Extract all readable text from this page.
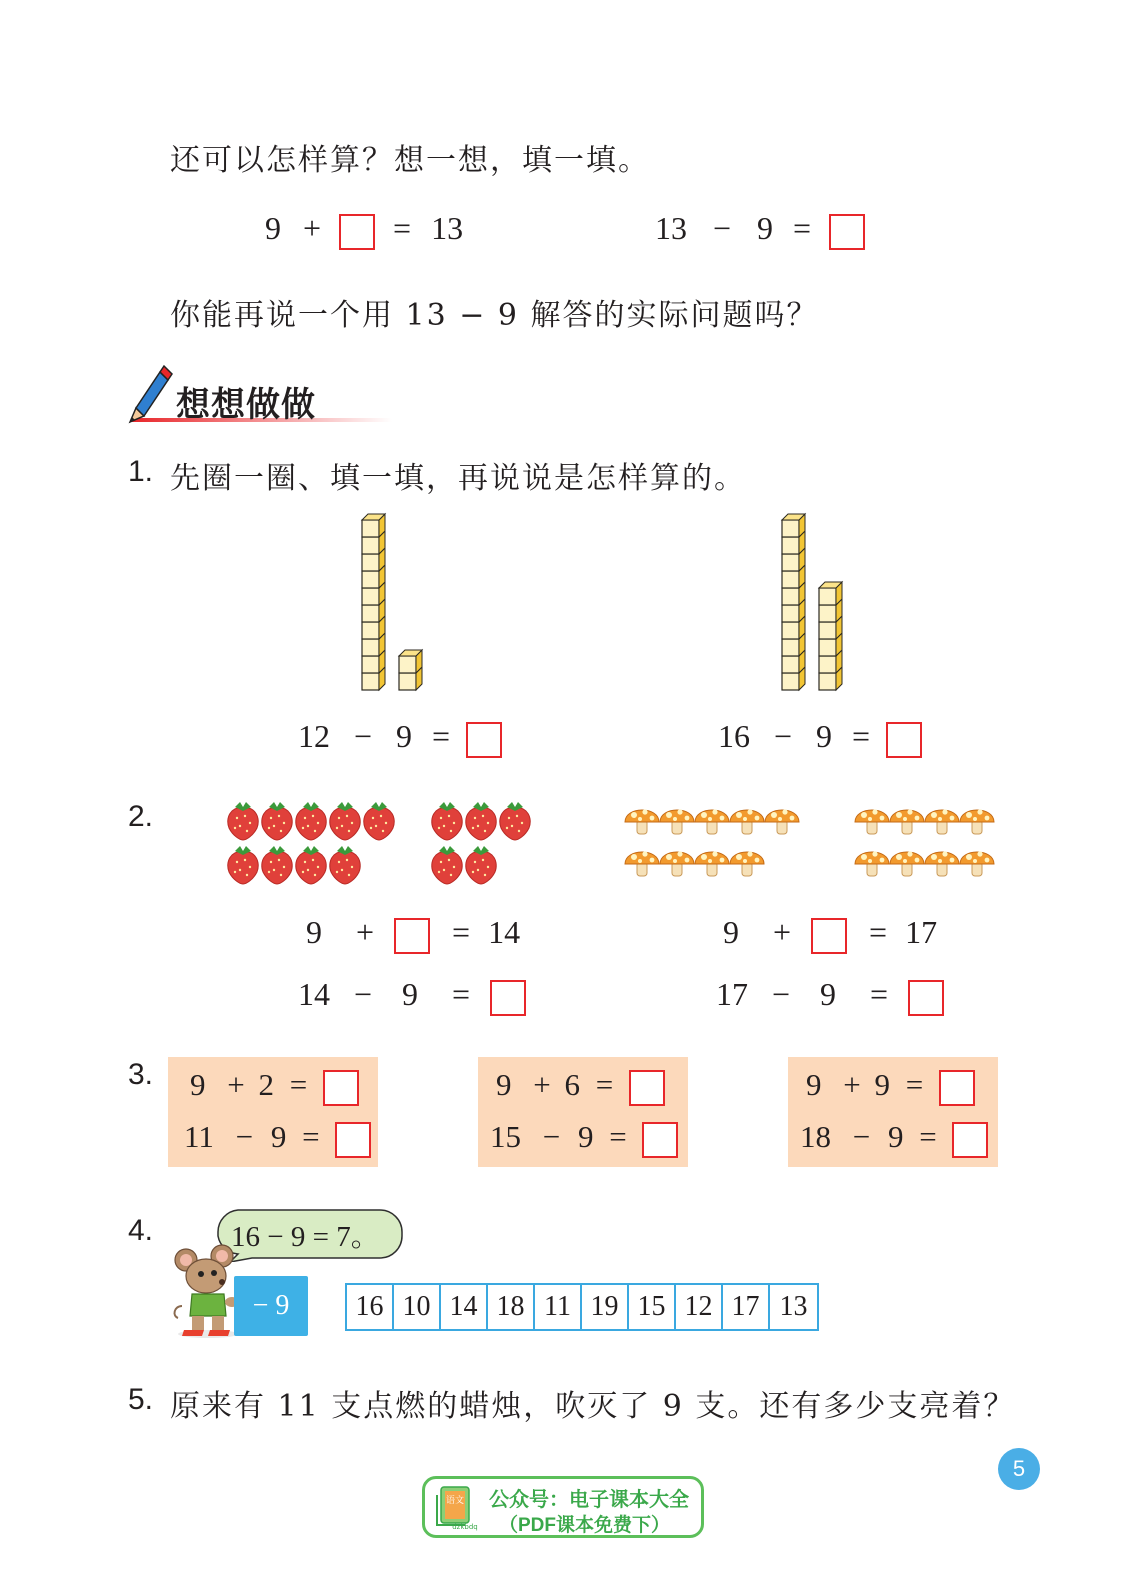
还可以怎样算？想一想，填一填。
9 + = 13	13 − 9 =
你能再说一个用 13 − 9 解答的实际问题吗？
想想做做
1. 先圈一圈、填一填，再说说是怎样算的。
12 − 9 =	16 − 9 =
2.
9 + = 14
14 − 9 =
9 + = 17
17 − 9 =
3. 9 + 2 =
11 − 9 =
9 + 6 =
15 − 9 =
9 + 9 =
18 − 9 =
4.	16 − 9 = 7。
− 9	16 10 14 18 11 19 15 12 17 13
5. 原来有 11 支点燃的蜡烛，吹灭了 9 支。还有多少支亮着？
5
语文
dzkbdq
公众号：电子课本大全
（PDF课本免费下）
